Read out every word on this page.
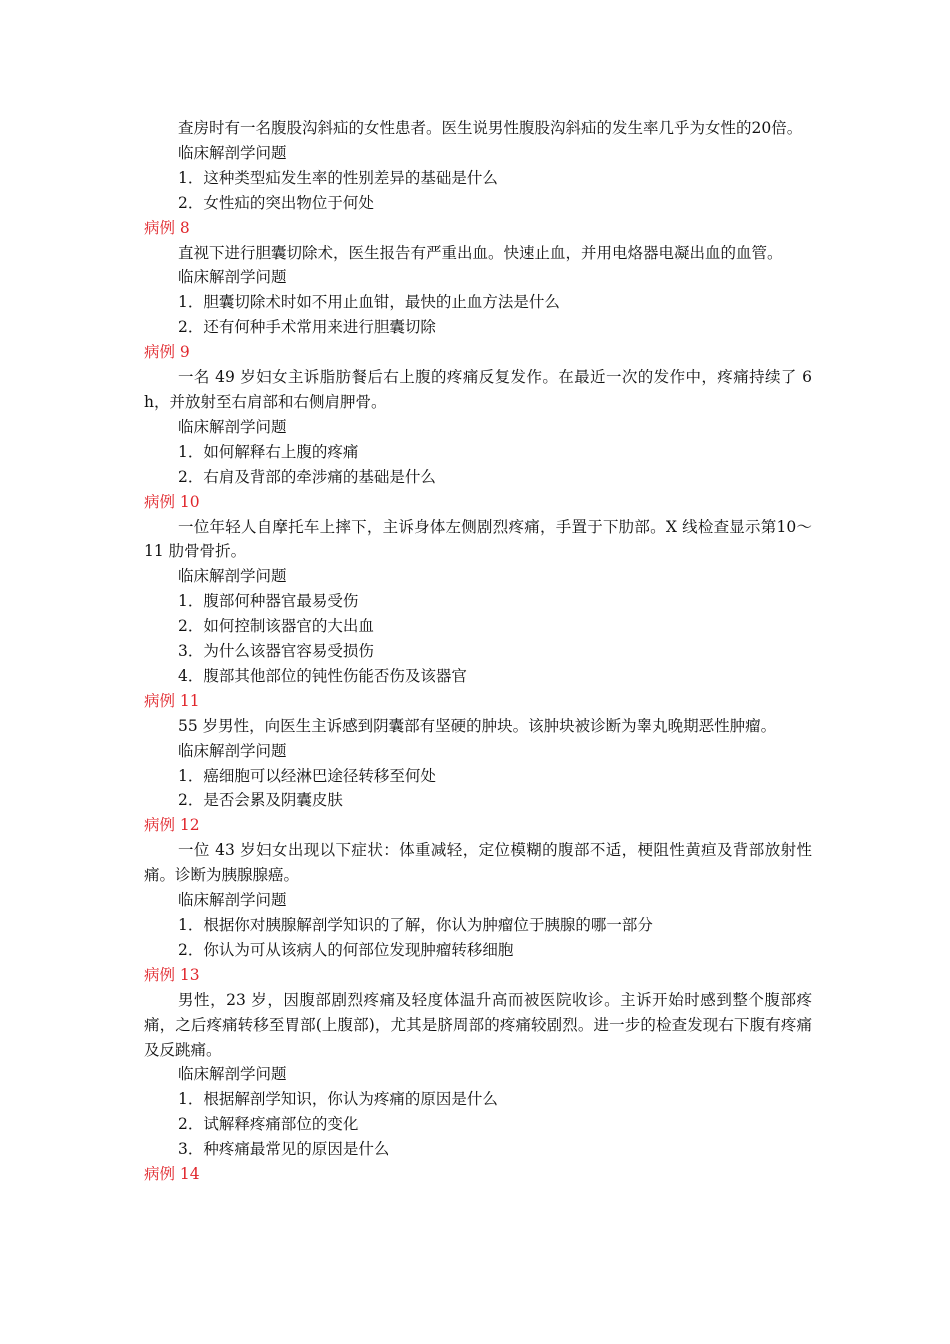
查房时有一名腹股沟斜疝的女性患者。医生说男性腹股沟斜疝的发生率几乎为女性的20倍。

临床解剖学问题

1．这种类型疝发生率的性别差异的基础是什么

2．女性疝的突出物位于何处

病例 8

直视下进行胆囊切除术，医生报告有严重出血。快速止血，并用电烙器电凝出血的血管。

临床解剖学问题

1．胆囊切除术时如不用止血钳，最快的止血方法是什么

2．还有何种手术常用来进行胆囊切除

病例 9

一名 49 岁妇女主诉脂肪餐后右上腹的疼痛反复发作。在最近一次的发作中，疼痛持续了 6h，并放射至右肩部和右侧肩胛骨。

临床解剖学问题

1．如何解释右上腹的疼痛

2．右肩及背部的牵涉痛的基础是什么

病例 10

一位年轻人自摩托车上摔下，主诉身体左侧剧烈疼痛，手置于下肋部。X 线检查显示第10～11 肋骨骨折。

临床解剖学问题

1．腹部何种器官最易受伤

2．如何控制该器官的大出血

3．为什么该器官容易受损伤

4．腹部其他部位的钝性伤能否伤及该器官

病例 11

55 岁男性，向医生主诉感到阴囊部有坚硬的肿块。该肿块被诊断为睾丸晚期恶性肿瘤。

临床解剖学问题

1．癌细胞可以经淋巴途径转移至何处

2．是否会累及阴囊皮肤

病例 12

一位 43 岁妇女出现以下症状：体重减轻，定位模糊的腹部不适，梗阻性黄疸及背部放射性痛。诊断为胰腺腺癌。

临床解剖学问题

1．根据你对胰腺解剖学知识的了解，你认为肿瘤位于胰腺的哪一部分

2．你认为可从该病人的何部位发现肿瘤转移细胞

病例 13

男性，23 岁，因腹部剧烈疼痛及轻度体温升高而被医院收诊。主诉开始时感到整个腹部疼痛，之后疼痛转移至胃部(上腹部)，尤其是脐周部的疼痛较剧烈。进一步的检查发现右下腹有疼痛及反跳痛。

临床解剖学问题

1．根据解剖学知识，你认为疼痛的原因是什么

2．试解释疼痛部位的变化

3．种疼痛最常见的原因是什么

病例 14
